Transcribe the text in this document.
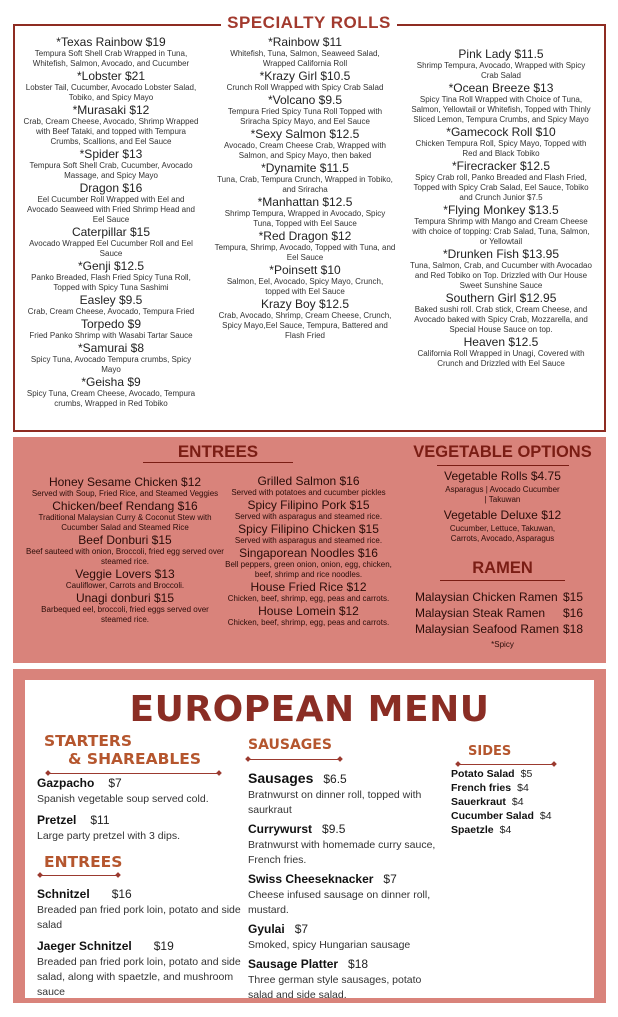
SPECIALTY ROLLS
*Texas Rainbow $19
Tempura Soft Shell Crab Wrapped in Tuna, Whitefish, Salmon, Avocado, and Cucumber
*Lobster $21
Lobster Tail, Cucumber, Avocado Lobster Salad, Tobiko, and Spicy Mayo
*Murasaki $12
Crab, Cream Cheese, Avocado, Shrimp Wrapped with Beef Tataki, and topped with Tempura Crumbs, Scallions, and Eel Sauce
*Spider $13
Tempura Soft Shell Crab, Cucumber, Avocado Massage, and Spicy Mayo
Dragon $16
Eel Cucumber Roll Wrapped with Eel and Avocado Seaweed with Fried Shrimp Head and Eel Sauce
Caterpillar $15
Avocado Wrapped Eel Cucumber Roll and Eel Sauce
*Genji $12.5
Panko Breaded, Flash Fried Spicy Tuna Roll, Topped with Spicy Tuna Sashimi
Easley $9.5
Crab, Cream Cheese, Avocado, Tempura Fried
Torpedo $9
Fried Panko Shrimp with Wasabi Tartar Sauce
*Samurai $8
Spicy Tuna, Avocado Tempura crumbs, Spicy Mayo
*Geisha $9
Spicy Tuna, Cream Cheese, Avocado, Tempura crumbs, Wrapped in Red Tobiko
*Rainbow $11
Whitefish, Tuna, Salmon, Seaweed Salad, Wrapped California Roll
*Krazy Girl $10.5
Crunch Roll Wrapped with Spicy Crab Salad
*Volcano $9.5
Tempura Fried Spicy Tuna Roll Topped with Sriracha Spicy Mayo, and Eel Sauce
*Sexy Salmon $12.5
Avocado, Cream Cheese Crab, Wrapped with Salmon, and Spicy Mayo, then baked
*Dynamite $11.5
Tuna, Crab, Tempura Crunch, Wrapped in Tobiko, and Sriracha
*Manhattan $12.5
Shrimp Tempura, Wrapped in Avocado, Spicy Tuna, Topped with Eel Sauce
*Red Dragon $12
Tempura, Shrimp, Avocado, Topped with Tuna, and Eel Sauce
*Poinsett $10
Salmon, Eel, Avocado, Spicy Mayo, Crunch, topped with Eel Sauce
Krazy Boy $12.5
Crab, Avocado, Shrimp, Cream Cheese, Crunch, Spicy Mayo,Eel Sauce, Tempura, Battered and Flash Fried
Pink Lady $11.5
Shrimp Tempura, Avocado, Wrapped with Spicy Crab Salad
*Ocean Breeze $13
Spicy Tina Roll Wrapped with Choice of Tuna, Salmon, Yellowtail or Whitefish, Topped with Thinly Sliced Lemon, Tempura Crumbs, and Spicy Mayo
*Gamecock Roll $10
Chicken Tempura Roll, Spicy Mayo, Topped with Red and Black Tobiko
*Firecracker $12.5
Spicy Crab roll, Panko Breaded and Flash Fried, Topped with Spicy Crab Salad, Eel Sauce, Tobiko and Crunch Junior $7.5
*Flying Monkey $13.5
Tempura Shrimp with Mango and Cream Cheese with choice of topping: Crab Salad, Tuna, Salmon, or Yellowtail
*Drunken Fish $13.95
Tuna, Salmon, Crab, and Cucumber with Avocadao and Red Tobiko on Top. Drizzled with Our House Sweet Sunshine Sauce
Southern Girl $12.95
Baked sushi roll. Crab stick, Cream Cheese, and Avocado baked with Spicy Crab, Mozzarella, and Special House Sauce on top.
Heaven $12.5
California Roll Wrapped in Unagi, Covered with Crunch and Drizzled with Eel Sauce
ENTREES
Honey Sesame Chicken $12
Served with Soup, Fried Rice, and Steamed Veggies
Chicken/beef Rendang $16
Traditional Malaysian Curry & Coconut Stew with Cucumber Salad and Steamed Rice
Beef Donburi $15
Beef sauteed with onion, Broccoli, fried egg served over steamed rice.
Veggie Lovers $13
Cauliflower, Carrots and Broccoli.
Unagi donburi $15
Barbequed eel, broccoli, fried eggs served over steamed rice.
Grilled Salmon $16
Served with potatoes and cucumber pickles
Spicy Filipino Pork $15
Served with asparagus and steamed rice.
Spicy Filipino Chicken $15
Served with asparagus and steamed rice.
Singaporean Noodles $16
Bell peppers, green onion, onion, egg, chicken, beef, shrimp and rice noodles.
House Fried Rice $12
Chicken, beef, shrimp, egg, peas and carrots.
House Lomein $12
Chicken, beef, shrimp, egg, peas and carrots.
VEGETABLE OPTIONS
Vegetable Rolls $4.75
Asparagus | Avocado Cucumber | Takuwan
Vegetable Deluxe $12
Cucumber, Lettuce, Takuwan, Carrots, Avocado, Asparagus
RAMEN
Malaysian Chicken Ramen $15
Malaysian Steak Ramen	$16
Malaysian Seafood Ramen $18
*Spicy
EUROPEAN MENU
STARTERS
& SHAREABLES
Gazpacho $7
Spanish vegetable soup served cold.
Pretzel $11
Large party pretzel with 3 dips.
ENTREES
Schnitzel $16
Breaded pan fried pork loin, potato and side salad
Jaeger Schnitzel $19
Breaded pan fried pork loin, potato and side salad, along with spaetzle, and mushroom sauce
SAUSAGES
Sausages $6.5
Bratnwurst on dinner roll, topped with saurkraut
Currywurst $9.5
Bratnwurst with homemade curry sauce, French fries.
Swiss Cheeseknacker $7
Cheese infused sausage on dinner roll, mustard.
Gyulai $7
Smoked, spicy Hungarian sausage
Sausage Platter $18
Three german style sausages, potato salad and side salad.
SIDES
Potato Salad $5
French fries $4
Sauerkraut $4
Cucumber Salad $4
Spaetzle $4
